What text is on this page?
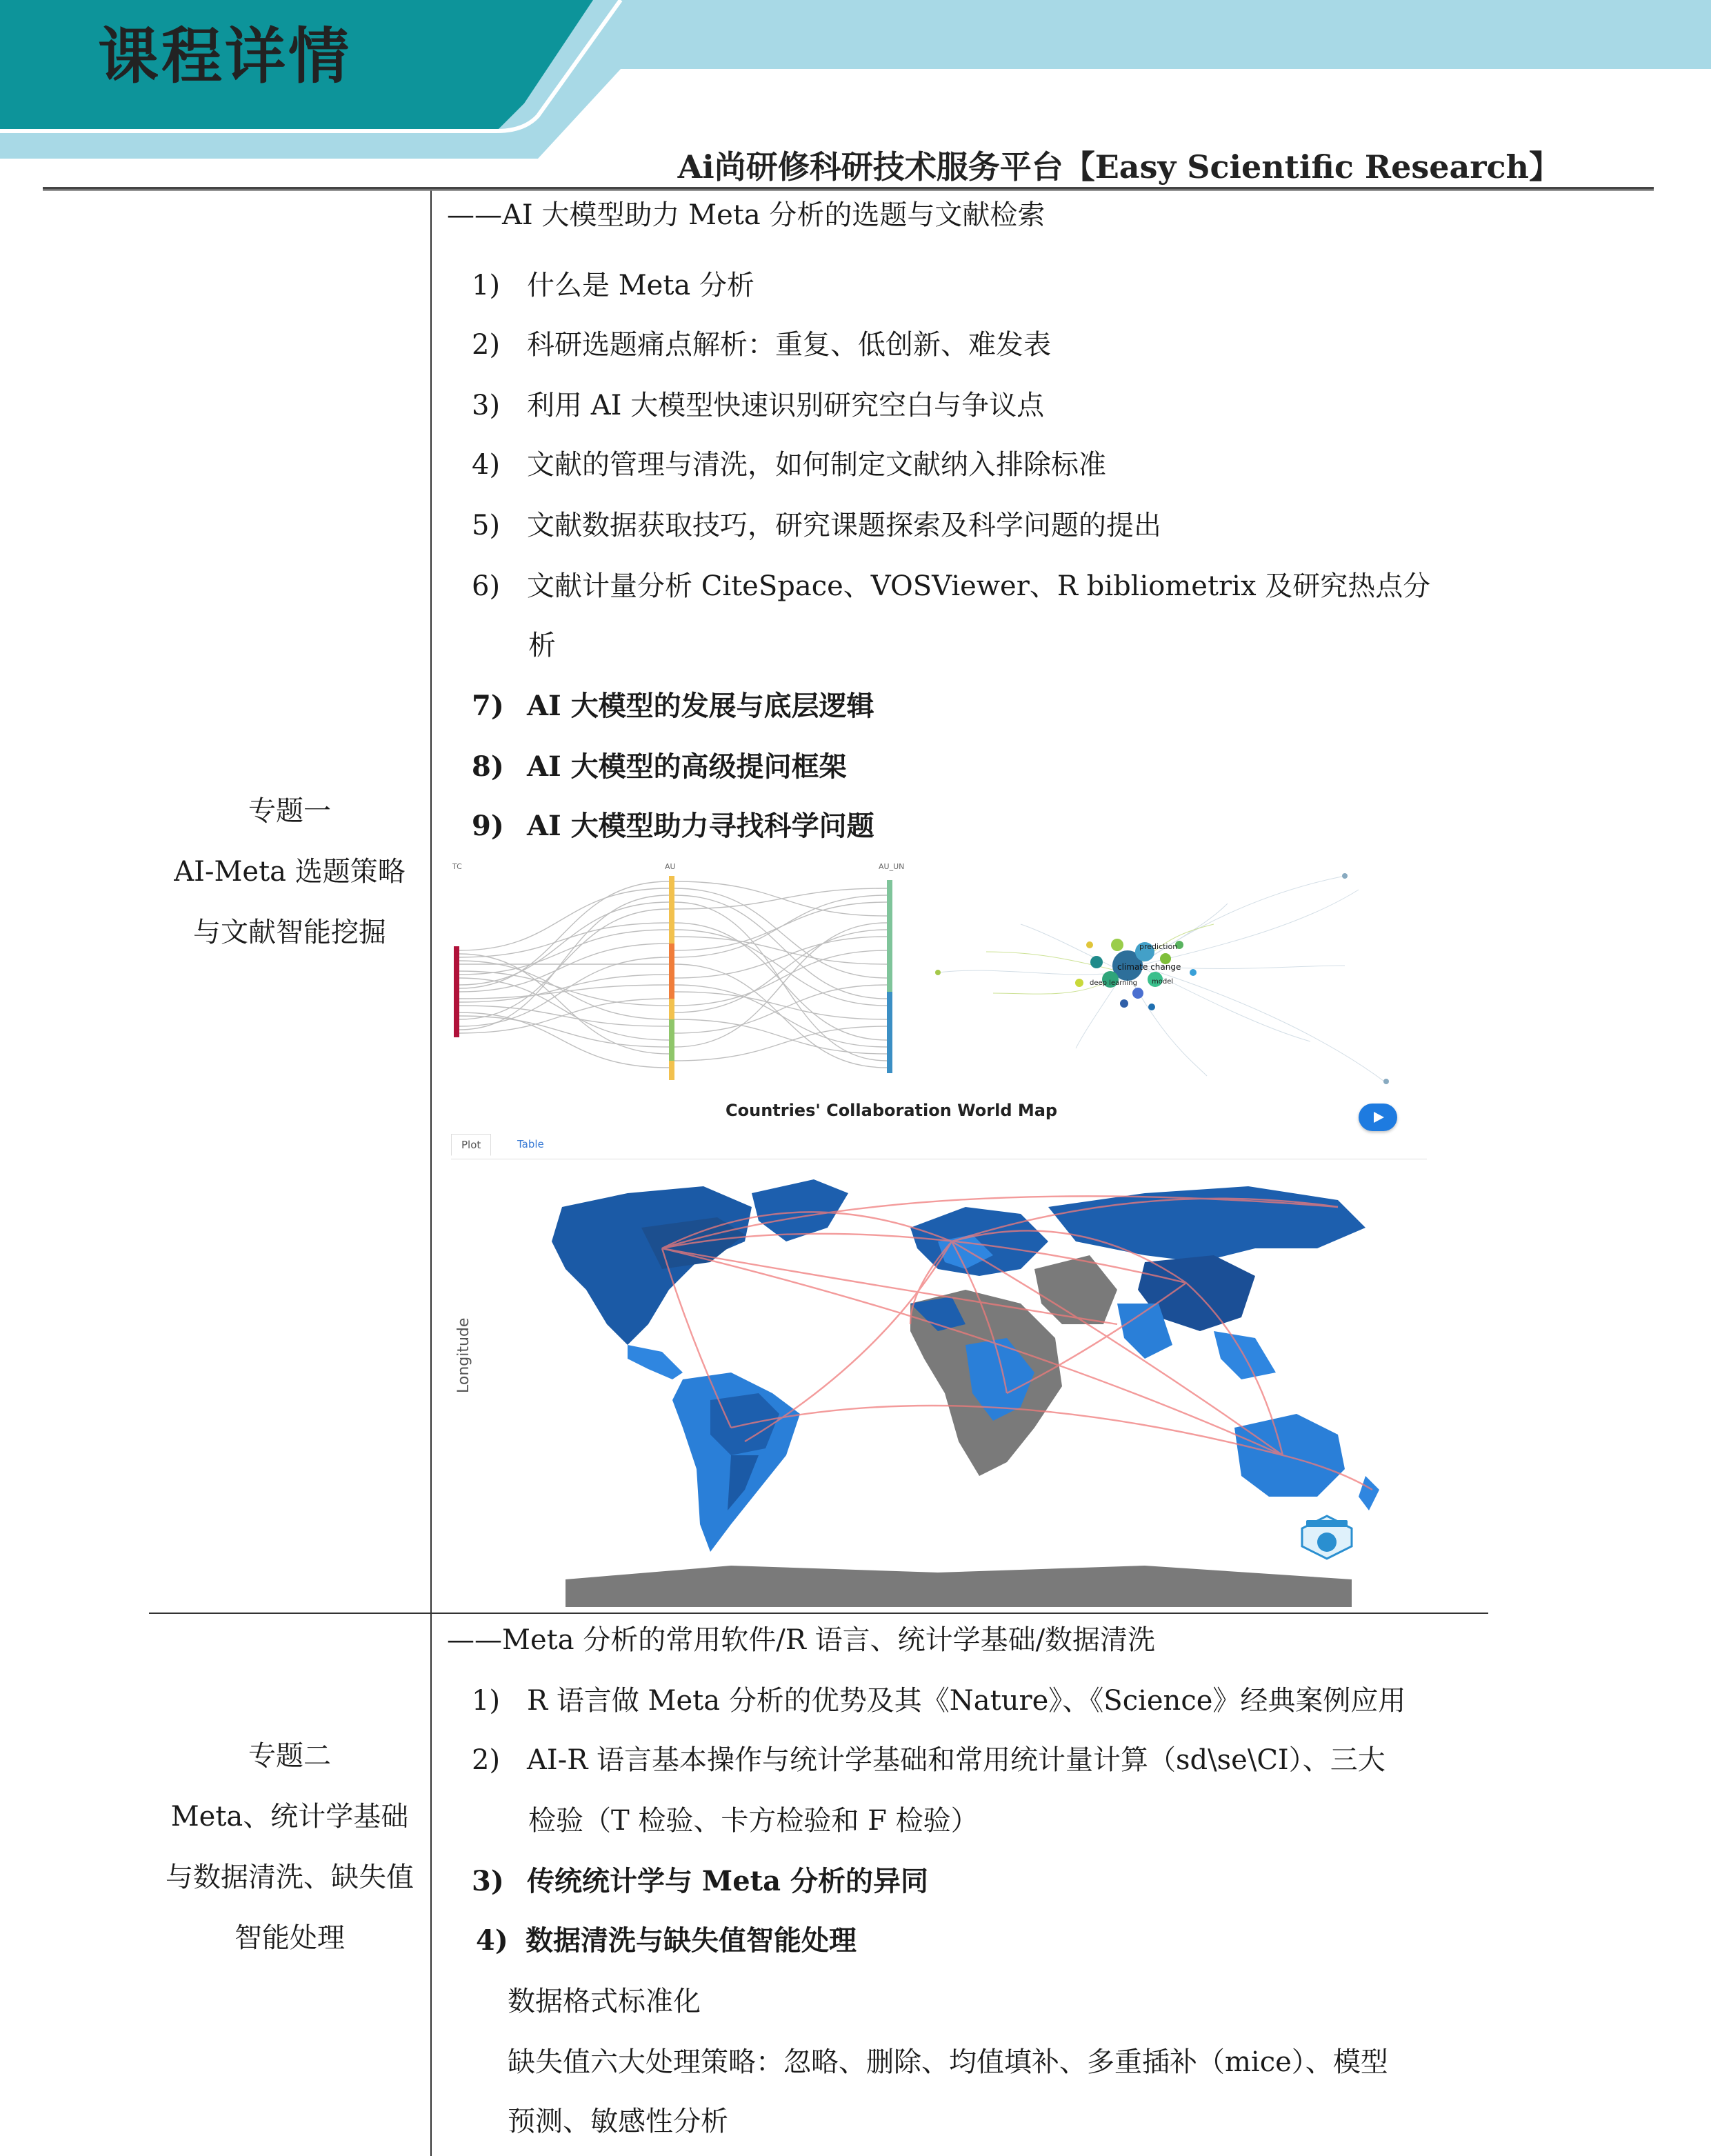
课程详情
Ai尚研修科研技术服务平台【Easy Scientific Research】
专题一
AI-Meta 选题策略
与文献智能挖掘
——AI 大模型助力 Meta 分析的选题与文献检索
1) 什么是 Meta 分析
2) 科研选题痛点解析：重复、低创新、难发表
3) 利用 AI 大模型快速识别研究空白与争议点
4) 文献的管理与清洗，如何制定文献纳入排除标准
5) 文献数据获取技巧，研究课题探索及科学问题的提出
6) 文献计量分析 CiteSpace、VOSViewer、R bibliometrix 及研究热点分
析
7) AI 大模型的发展与底层逻辑
8) AI 大模型的高级提问框架
9) AI 大模型助力寻找科学问题
TC	AU	AU_UN
prediction
climate change
deep learning model
Countries' Collaboration World Map
Plot	Table
Longitude
专题二
Meta、统计学基础
与数据清洗、缺失值
智能处理
——Meta 分析的常用软件/R 语言、统计学基础/数据清洗
1) R 语言做 Meta 分析的优势及其《Nature》、《Science》经典案例应用
2) AI-R 语言基本操作与统计学基础和常用统计量计算（sd\se\CI）、三大
检验（T 检验、卡方检验和 F 检验）
3) 传统统计学与 Meta 分析的异同
4) 数据清洗与缺失值智能处理
数据格式标准化
缺失值六大处理策略：忽略、删除、均值填补、多重插补（mice）、模型
预测、敏感性分析
